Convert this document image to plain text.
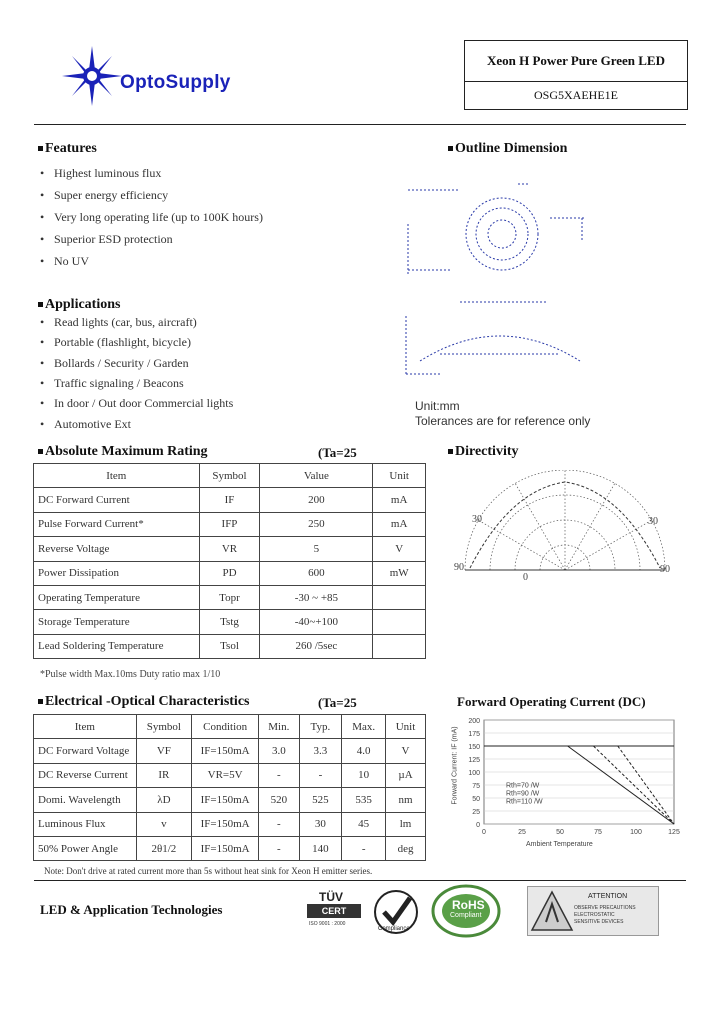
OptoSupply
Xeon H Power Pure Green LED
OSG5XAEHE1E
Features
• Highest luminous flux
• Super energy efficiency
• Very long operating life (up to 100K hours)
• Superior ESD protection
• No UV
Outline Dimension
Unit:mm
Tolerances are for reference only
Applications
• Read lights (car, bus, aircraft)
• Portable (flashlight, bicycle)
• Bollards / Security / Garden
• Traffic signaling / Beacons
• In door / Out door Commercial lights
• Automotive Ext
Absolute Maximum Rating	(Ta=25
Item	Symbol	Value	Unit
DC Forward Current	IF	200	mA
Pulse Forward Current*	IFP	250	mA
Reverse Voltage	VR	5	V
Power Dissipation	PD	600	mW
Operating Temperature	Topr	-30 ~ +85	
Storage Temperature	Tstg	-40~+100	
Lead Soldering Temperature	Tsol	260 /5sec	
*Pulse width Max.10ms Duty ratio max 1/10
Directivity
0
30	30
90	90
Electrical -Optical Characteristics	(Ta=25
Item	Symbol	Condition	Min.	Typ.	Max.	Unit
DC Forward Voltage	VF	IF=150mA	3.0	3.3	4.0	V
DC Reverse Current	IR	VR=5V	-	-	10	µA
Domi. Wavelength	λD	IF=150mA	520	525	535	nm
Luminous Flux	v	IF=150mA	-	30	45	lm
50% Power Angle	2θ1/2	IF=150mA	-	140	-	deg
Note: Don't drive at rated current more than 5s without heat sink for Xeon H emitter series.
Forward Operating Current (DC)
200
175
150
125
100
75
50
25
0
0	25	50	75	100	125
Rth=70 /W
Rth=90 /W
Rth=110 /W
Forward Current: IF (mA)
Ambient Temperature
LED & Application Technologies
TÜV
CERT
ISO 9001 : 2000
Compliance
RoHS
Compliant
ATTENTION
OBSERVE PRECAUTIONS
ELECTROSTATIC
SENSITIVE DEVICES
